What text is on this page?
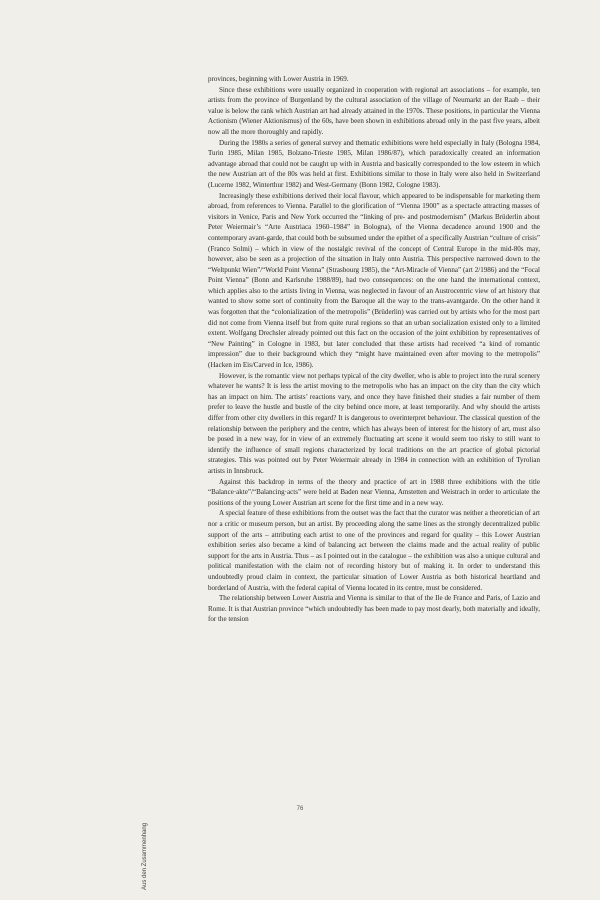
provinces, beginning with Lower Austria in 1969.

Since these exhibitions were usually organized in cooperation with regional art associations – for example, ten artists from the province of Burgenland by the cultural association of the village of Neumarkt an der Raab – their value is below the rank which Austrian art had already attained in the 1970s. These positions, in particular the Vienna Actionism (Wiener Aktionismus) of the 60s, have been shown in exhibitions abroad only in the past five years, albeit now all the more thoroughly and rapidly.

During the 1980s a series of general survey and thematic exhibitions were held especially in Italy (Bologna 1984, Turin 1985, Milan 1985, Bolzano-Trieste 1985, Milan 1986/87), which paradoxically created an information advantage abroad that could not be caught up with in Austria and basically corresponded to the low esteem in which the new Austrian art of the 80s was held at first. Exhibitions similar to those in Italy were also held in Switzerland (Lucerne 1982, Winterthur 1982) and West-Germany (Bonn 1982, Cologne 1983).

Increasingly these exhibitions derived their local flavour, which appeared to be indispensable for marketing them abroad, from references to Vienna. Parallel to the glorification of “Vienna 1900” as a spectacle attracting masses of visitors in Venice, Paris and New York occurred the “linking of pre- and postmodernism” (Markus Brüderlin about Peter Weiermair’s “Arte Austriaca 1960–1984” in Bologna), of the Vienna decadence around 1900 and the contemporary avant-garde, that could both be subsumed under the epithet of a specifically Austrian “culture of crisis” (Franco Solmi) – which in view of the nostalgic revival of the concept of Central Europe in the mid-80s may, however, also be seen as a projection of the situation in Italy onto Austria. This perspective narrowed down to the “Weltpunkt Wien”/“World Point Vienna” (Strasbourg 1985), the “Art-Miracle of Vienna” (art 2/1986) and the “Focal Point Vienna” (Bonn and Karlsruhe 1988/89), had two consequences: on the one hand the international context, which applies also to the artists living in Vienna, was neglected in favour of an Austrocentric view of art history that wanted to show some sort of continuity from the Baroque all the way to the trans-avantgarde. On the other hand it was forgotten that the “colonialization of the metropolis” (Brüderlin) was carried out by artists who for the most part did not come from Vienna itself but from quite rural regions so that an urban socialization existed only to a limited extent. Wolfgang Drechsler already pointed out this fact on the occasion of the joint exhibition by representatives of “New Painting” in Cologne in 1983, but later concluded that these artists had received “a kind of romantic impression” due to their background which they “might have maintained even after moving to the metropolis” (Hacken im Eis/Carved in Ice, 1986).

However, is the romantic view not perhaps typical of the city dweller, who is able to project into the rural scenery whatever he wants? It is less the artist moving to the metropolis who has an impact on the city than the city which has an impact on him. The artists’ reactions vary, and once they have finished their studies a fair number of them prefer to leave the hustle and bustle of the city behind once more, at least temporarily. And why should the artists differ from other city dwellers in this regard? It is dangerous to overinterpret behaviour. The classical question of the relationship between the periphery and the centre, which has always been of interest for the history of art, must also be posed in a new way, for in view of an extremely fluctuating art scene it would seem too risky to still want to identify the influence of small regions characterized by local traditions on the art practice of global pictorial strategies. This was pointed out by Peter Weiermair already in 1984 in connection with an exhibition of Tyrolian artists in Innsbruck.

Against this backdrop in terms of the theory and practice of art in 1988 three exhibitions with the title “Balance·akte”/“Balancing·acts” were held at Baden near Vienna, Amstetten and Weistrach in order to articulate the positions of the young Lower Austrian art scene for the first time and in a new way.

A special feature of these exhibitions from the outset was the fact that the curator was neither a theoretician of art nor a critic or museum person, but an artist. By proceeding along the same lines as the strongly decentralized public support of the arts – attributing each artist to one of the provinces and regard for quality – this Lower Austrian exhibition series also became a kind of balancing act between the claims made and the actual reality of public support for the arts in Austria. Thus – as I pointed out in the catalogue – the exhibition was also a unique cultural and political manifestation with the claim not of recording history but of making it. In order to understand this undoubtedly proud claim in context, the particular situation of Lower Austria as both historical heartland and borderland of Austria, with the federal capital of Vienna located in its centre, must be considered.

The relationship between Lower Austria and Vienna is similar to that of the Ile de France and Paris, of Lazio and Rome. It is that Austrian province “which undoubtedly has been made to pay most dearly, both materially and ideally, for the tension

76
Aus den Zusammenhang
